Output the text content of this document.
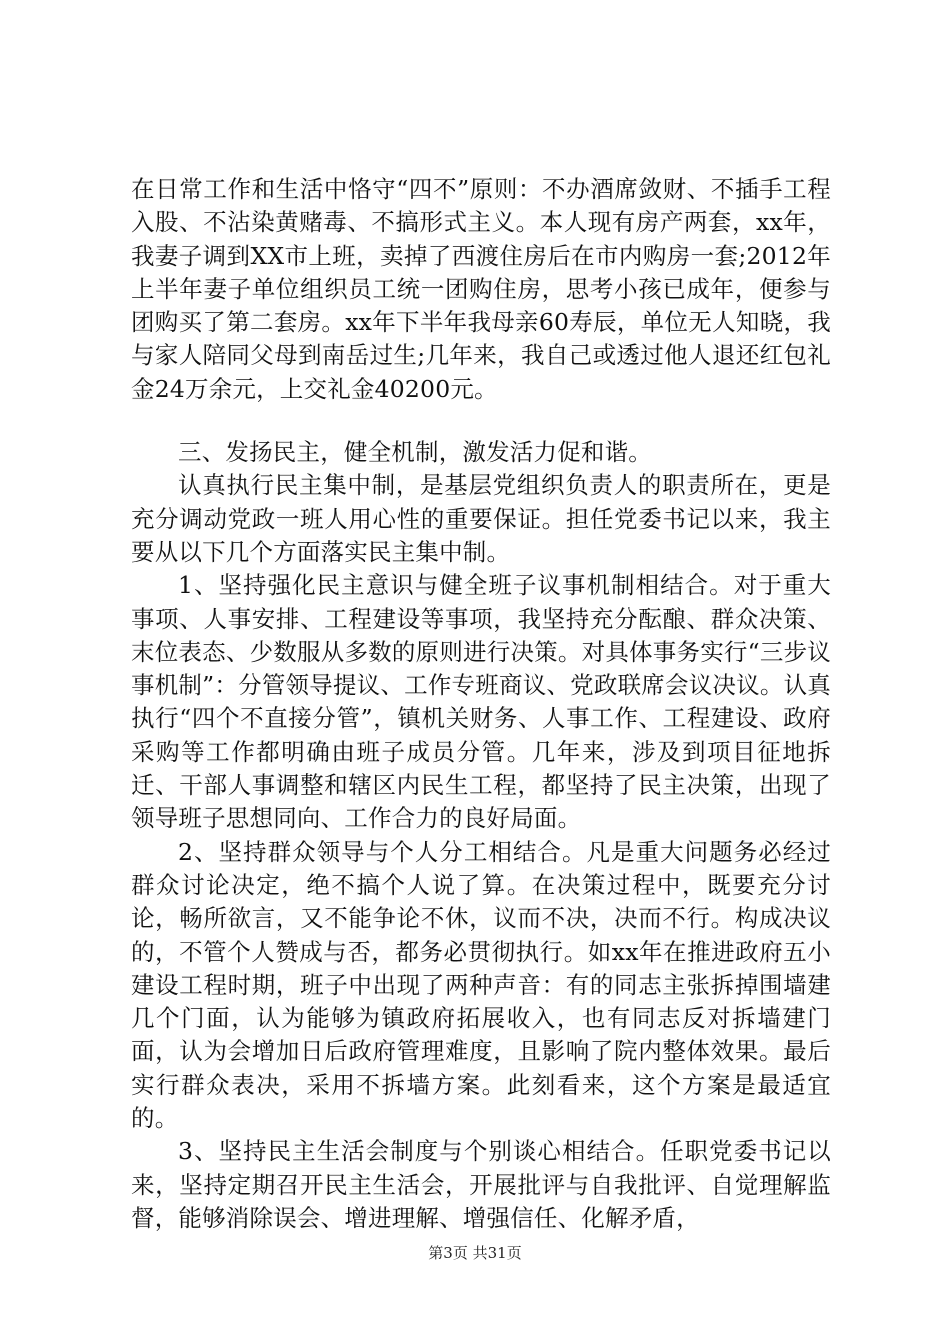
在日常工作和生活中恪守“四不”原则：不办酒席敛财、不插手工程入股、不沾染黄赌毒、不搞形式主义。本人现有房产两套，xx年，我妻子调到XX市上班，卖掉了西渡住房后在市内购房一套;2012年上半年妻子单位组织员工统一团购住房，思考小孩已成年，便参与团购买了第二套房。xx年下半年我母亲60寿辰，单位无人知晓，我与家人陪同父母到南岳过生;几年来，我自己或透过他人退还红包礼金24万余元，上交礼金40200元。

三、发扬民主，健全机制，激发活力促和谐。

认真执行民主集中制，是基层党组织负责人的职责所在，更是充分调动党政一班人用心性的重要保证。担任党委书记以来，我主要从以下几个方面落实民主集中制。

1、坚持强化民主意识与健全班子议事机制相结合。对于重大事项、人事安排、工程建设等事项，我坚持充分酝酿、群众决策、末位表态、少数服从多数的原则进行决策。对具体事务实行“三步议事机制”：分管领导提议、工作专班商议、党政联席会议决议。认真执行“四个不直接分管”，镇机关财务、人事工作、工程建设、政府采购等工作都明确由班子成员分管。几年来，涉及到项目征地拆迁、干部人事调整和辖区内民生工程，都坚持了民主决策，出现了领导班子思想同向、工作合力的良好局面。

2、坚持群众领导与个人分工相结合。凡是重大问题务必经过群众讨论决定，绝不搞个人说了算。在决策过程中，既要充分讨论，畅所欲言，又不能争论不休，议而不决，决而不行。构成决议的，不管个人赞成与否，都务必贯彻执行。如xx年在推进政府五小建设工程时期，班子中出现了两种声音：有的同志主张拆掉围墙建几个门面，认为能够为镇政府拓展收入，也有同志反对拆墙建门面，认为会增加日后政府管理难度，且影响了院内整体效果。最后实行群众表决，采用不拆墙方案。此刻看来，这个方案是最适宜的。

3、坚持民主生活会制度与个别谈心相结合。任职党委书记以来，坚持定期召开民主生活会，开展批评与自我批评、自觉理解监督，能够消除误会、增进理解、增强信任、化解矛盾，

第3页 共31页
